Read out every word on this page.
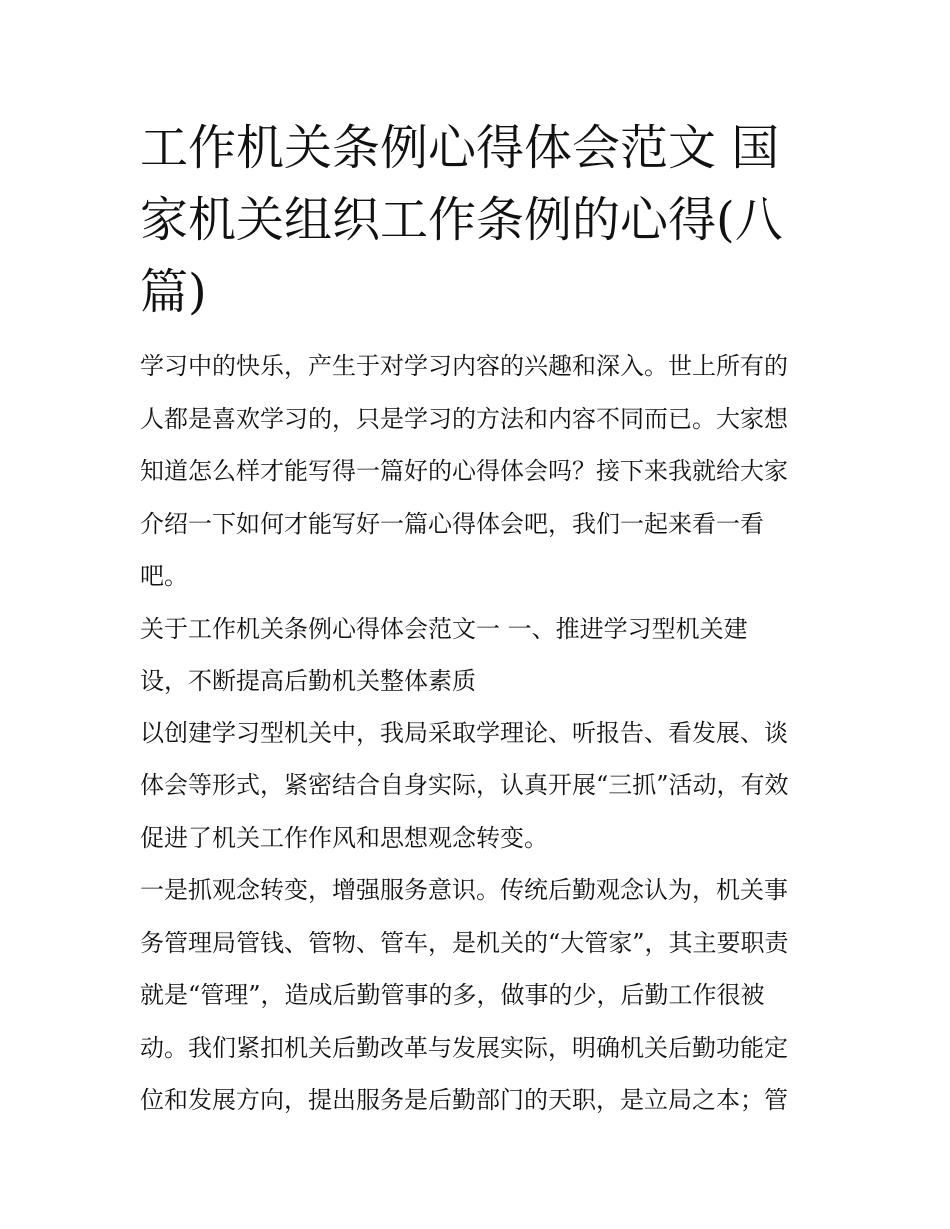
工作机关条例心得体会范文 国
家机关组织工作条例的心得(八
篇)

学习中的快乐，产生于对学习内容的兴趣和深入。世上所有的
人都是喜欢学习的，只是学习的方法和内容不同而已。大家想
知道怎么样才能写得一篇好的心得体会吗？接下来我就给大家
介绍一下如何才能写好一篇心得体会吧，我们一起来看一看
吧。

关于工作机关条例心得体会范文一 一、推进学习型机关建
设，不断提高后勤机关整体素质

以创建学习型机关中，我局采取学理论、听报告、看发展、谈
体会等形式，紧密结合自身实际，认真开展“三抓”活动，有效
促进了机关工作作风和思想观念转变。

一是抓观念转变，增强服务意识。传统后勤观念认为，机关事
务管理局管钱、管物、管车，是机关的“大管家”，其主要职责
就是“管理”，造成后勤管事的多，做事的少，后勤工作很被
动。我们紧扣机关后勤改革与发展实际，明确机关后勤功能定
位和发展方向，提出服务是后勤部门的天职，是立局之本；管
